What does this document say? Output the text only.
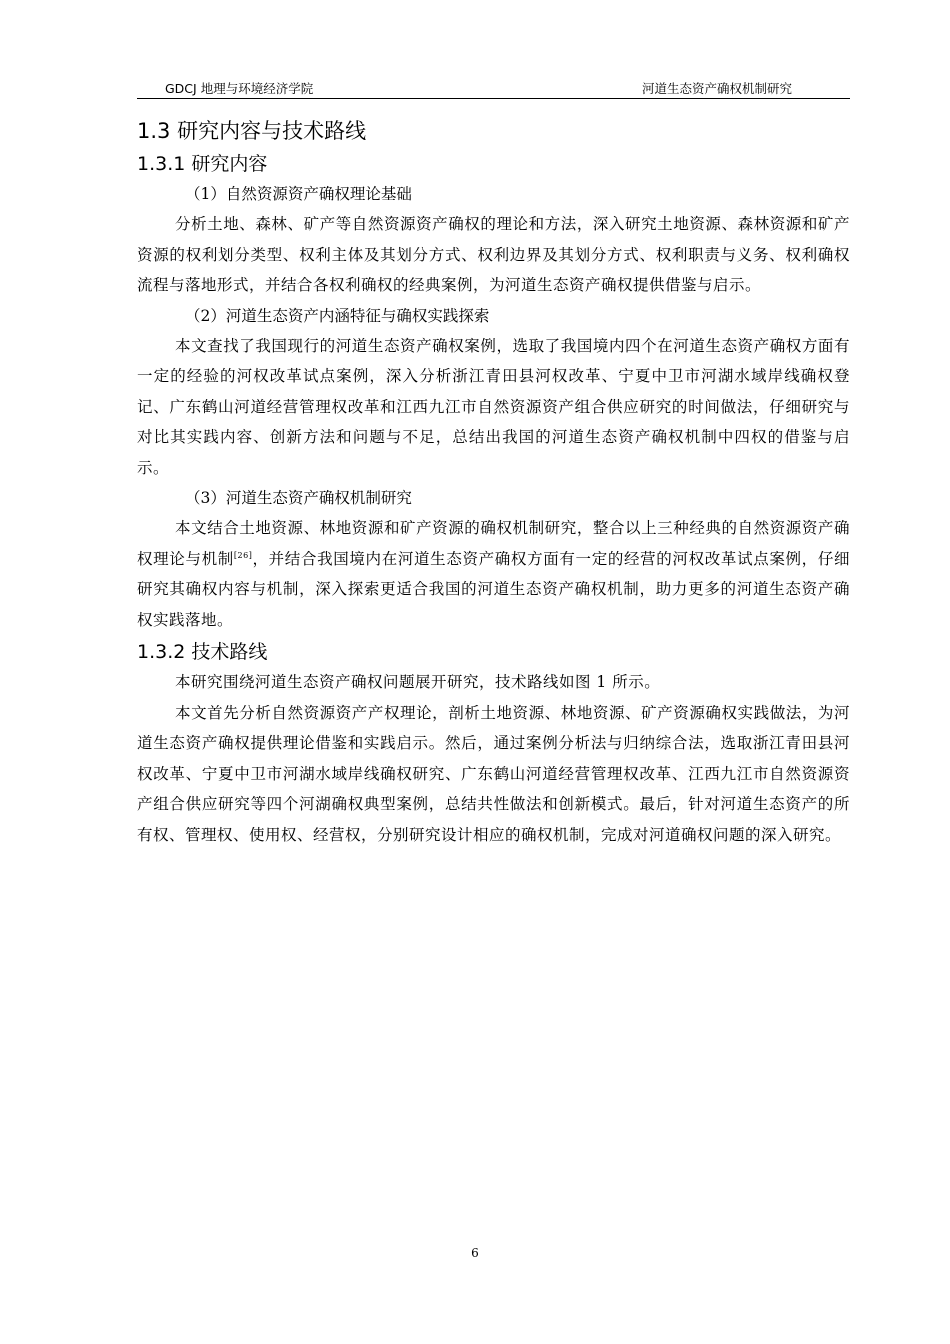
GDCJ 地理与环境经济学院	河道生态资产确权机制研究
1.3 研究内容与技术路线
1.3.1 研究内容
（1）自然资源资产确权理论基础

分析土地、森林、矿产等自然资源资产确权的理论和方法，深入研究土地资源、森林资源和矿产资源的权利划分类型、权利主体及其划分方式、权利边界及其划分方式、权利职责与义务、权利确权流程与落地形式，并结合各权利确权的经典案例，为河道生态资产确权提供借鉴与启示。

（2）河道生态资产内涵特征与确权实践探索

本文查找了我国现行的河道生态资产确权案例，选取了我国境内四个在河道生态资产确权方面有一定的经验的河权改革试点案例，深入分析浙江青田县河权改革、宁夏中卫市河湖水域岸线确权登记、广东鹤山河道经营管理权改革和江西九江市自然资源资产组合供应研究的时间做法，仔细研究与对比其实践内容、创新方法和问题与不足，总结出我国的河道生态资产确权机制中四权的借鉴与启示。

（3）河道生态资产确权机制研究

本文结合土地资源、林地资源和矿产资源的确权机制研究，整合以上三种经典的自然资源资产确权理论与机制[26]，并结合我国境内在河道生态资产确权方面有一定的经营的河权改革试点案例，仔细研究其确权内容与机制，深入探索更适合我国的河道生态资产确权机制，助力更多的河道生态资产确权实践落地。

1.3.2 技术路线

本研究围绕河道生态资产确权问题展开研究，技术路线如图 1 所示。

本文首先分析自然资源资产产权理论，剖析土地资源、林地资源、矿产资源确权实践做法，为河道生态资产确权提供理论借鉴和实践启示。然后，通过案例分析法与归纳综合法，选取浙江青田县河权改革、宁夏中卫市河湖水域岸线确权研究、广东鹤山河道经营管理权改革、江西九江市自然资源资产组合供应研究等四个河湖确权典型案例，总结共性做法和创新模式。最后，针对河道生态资产的所有权、管理权、使用权、经营权，分别研究设计相应的确权机制，完成对河道确权问题的深入研究。

6
